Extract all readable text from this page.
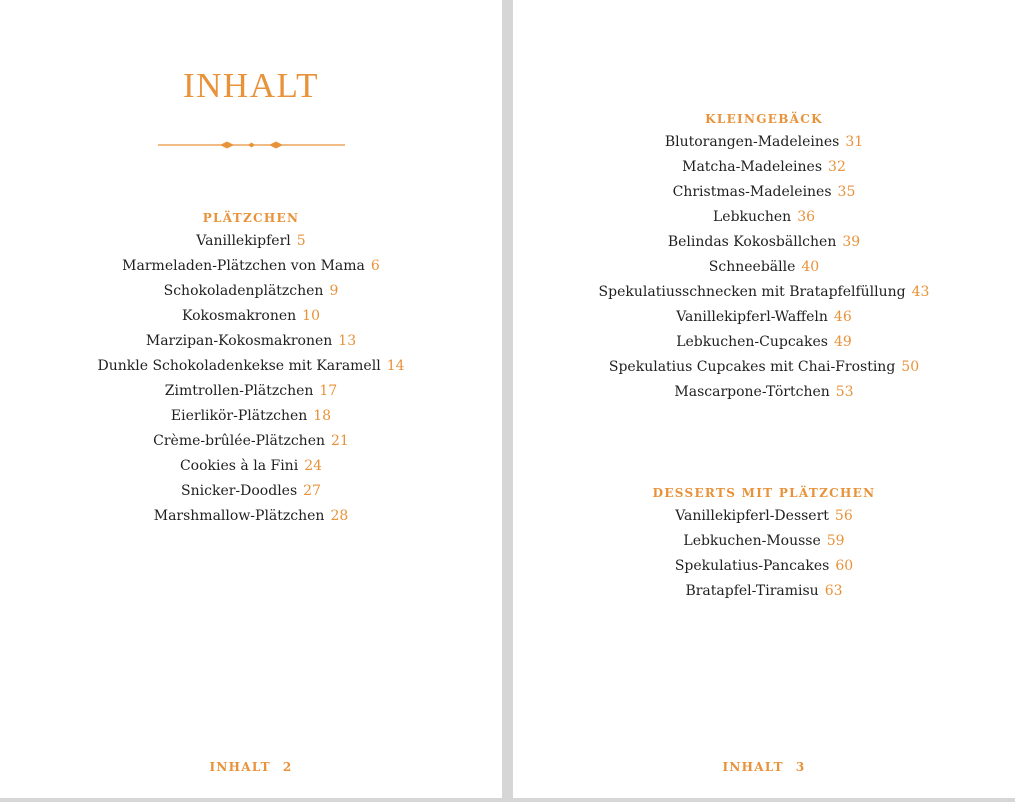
INHALT
PLÄTZCHEN
Vanillekipferl 5
Marmeladen-Plätzchen von Mama 6
Schokoladenplätzchen 9
Kokosmakronen 10
Marzipan-Kokosmakronen 13
Dunkle Schokoladenkekse mit Karamell 14
Zimtrollen-Plätzchen 17
Eierlikör-Plätzchen 18
Crème-brûlée-Plätzchen 21
Cookies à la Fini 24
Snicker-Doodles 27
Marshmallow-Plätzchen 28
INHALT 2
KLEINGEBÄCK
Blutorangen-Madeleines 31
Matcha-Madeleines 32
Christmas-Madeleines 35
Lebkuchen 36
Belindas Kokosbällchen 39
Schneebälle 40
Spekulatiusschnecken mit Bratapfelfüllung 43
Vanillekipferl-Waffeln 46
Lebkuchen-Cupcakes 49
Spekulatius Cupcakes mit Chai-Frosting 50
Mascarpone-Törtchen 53
DESSERTS MIT PLÄTZCHEN
Vanillekipferl-Dessert 56
Lebkuchen-Mousse 59
Spekulatius-Pancakes 60
Bratapfel-Tiramisu 63
INHALT 3
